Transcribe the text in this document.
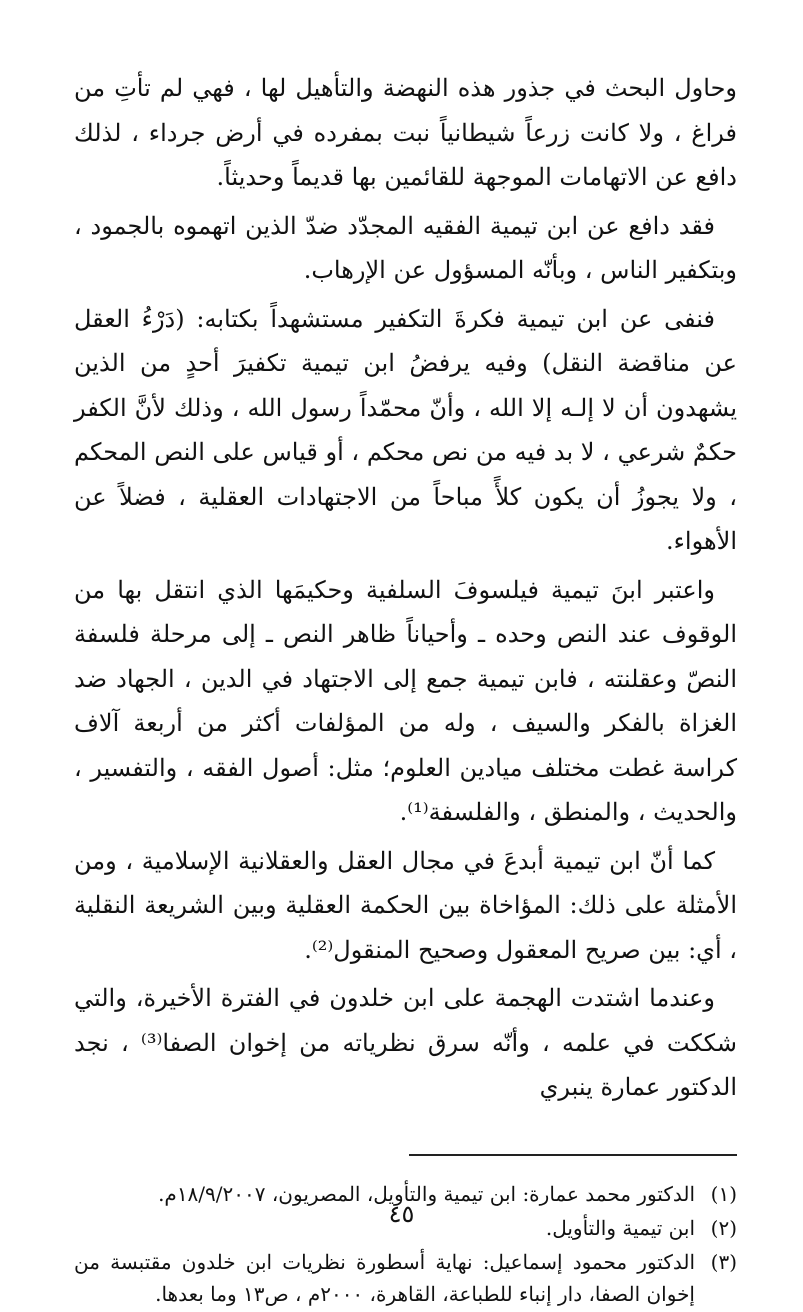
وحاول البحث في جذور هذه النهضة والتأهيل لها ، فهي لم تأتِ من فراغ ، ولا كانت زرعاً شيطانياً نبت بمفرده في أرض جرداء ، لذلك دافع عن الاتهامات الموجهة للقائمين بها قديماً وحديثاً.

فقد دافع عن ابن تيمية الفقيه المجدّد ضدّ الذين اتهموه بالجمود ، وبتكفير الناس ، وبأنّه المسؤول عن الإرهاب.

فنفى عن ابن تيمية فكرةَ التكفير مستشهداً بكتابه: (دَرْءُ العقل عن مناقضة النقل) وفيه يرفضُ ابن تيمية تكفيرَ أحدٍ من الذين يشهدون أن لا إلـه إلا الله ، وأنّ محمّداً رسول الله ، وذلك لأنَّ الكفر حكمٌ شرعي ، لا بد فيه من نص محكم ، أو قياس على النص المحكم ، ولا يجوزُ أن يكون كلأً مباحاً من الاجتهادات العقلية ، فضلاً عن الأهواء.

واعتبر ابنَ تيمية فيلسوفَ السلفية وحكيمَها الذي انتقل بها من الوقوف عند النص وحده ـ وأحياناً ظاهر النص ـ إلى مرحلة فلسفة النصّ وعقلنته ، فابن تيمية جمع إلى الاجتهاد في الدين ، الجهاد ضد الغزاة بالفكر والسيف ، وله من المؤلفات أكثر من أربعة آلاف كراسة غطت مختلف ميادين العلوم؛ مثل: أصول الفقه ، والتفسير ، والحديث ، والمنطق ، والفلسفة⁽¹⁾.

كما أنّ ابن تيمية أبدعَ في مجال العقل والعقلانية الإسلامية ، ومن الأمثلة على ذلك: المؤاخاة بين الحكمة العقلية وبين الشريعة النقلية ، أي: بين صريح المعقول وصحيح المنقول⁽²⁾.

وعندما اشتدت الهجمة على ابن خلدون في الفترة الأخيرة، والتي شككت في علمه ، وأنّه سرق نظرياته من إخوان الصفا⁽³⁾ ، نجد الدكتور عمارة ينبري

(١)
الدكتور محمد عمارة: ابن تيمية والتأويل، المصريون، ١٨/٩/٢٠٠٧م.
(٢)
ابن تيمية والتأويل.
(٣)
الدكتور محمود إسماعيل: نهاية أسطورة نظريات ابن خلدون مقتبسة من إخوان الصفا، دار إنباء للطباعة، القاهرة، ٢٠٠٠م ، ص١٣ وما بعدها.
٤٥
